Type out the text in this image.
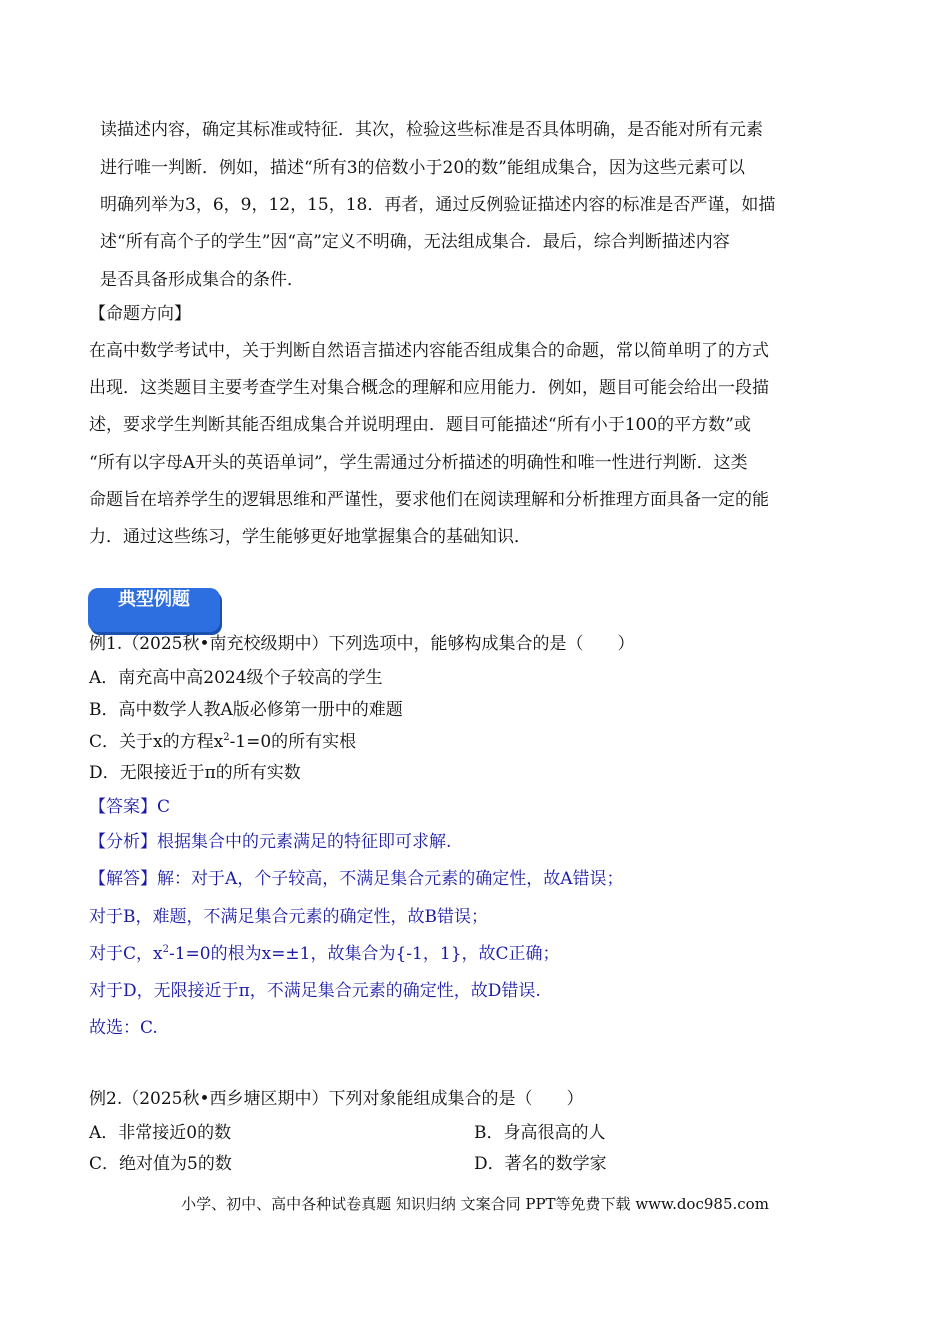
读描述内容，确定其标准或特征．其次，检验这些标准是否具体明确，是否能对所有元素
进行唯一判断．例如，描述“所有3的倍数小于20的数”能组成集合，因为这些元素可以
明确列举为3，6，9，12，15，18．再者，通过反例验证描述内容的标准是否严谨，如描
述“所有高个子的学生”因“高”定义不明确，无法组成集合．最后，综合判断描述内容
是否具备形成集合的条件．
【命题方向】
在高中数学考试中，关于判断自然语言描述内容能否组成集合的命题，常以简单明了的方式
出现．这类题目主要考查学生对集合概念的理解和应用能力．例如，题目可能会给出一段描
述，要求学生判断其能否组成集合并说明理由．题目可能描述“所有小于100的平方数”或
“所有以字母A开头的英语单词”，学生需通过分析描述的明确性和唯一性进行判断．这类
命题旨在培养学生的逻辑思维和严谨性，要求他们在阅读理解和分析推理方面具备一定的能
力．通过这些练习，学生能够更好地掌握集合的基础知识．
典型例题
例1.（2025秋•南充校级期中）下列选项中，能够构成集合的是（　　）
A．南充高中高2024级个子较高的学生
B．高中数学人教A版必修第一册中的难题
C．关于x的方程$x^2-1=0$的所有实根
D．无限接近于π的所有实数
【答案】C
【分析】根据集合中的元素满足的特征即可求解.
【解答】解：对于A，个子较高，不满足集合元素的确定性，故A错误；
对于B，难题，不满足集合元素的确定性，故B错误；
对于C，$x^2-1=0$的根为x=±1，故集合为{-1，1}，故C正确；
对于D，无限接近于π，不满足集合元素的确定性，故D错误.
故选：C.
例2.（2025秋•西乡塘区期中）下列对象能组成集合的是（　　）
A．非常接近0的数	B．身高很高的人
C．绝对值为5的数	D．著名的数学家
小学、初中、高中各种试卷真题 知识归纳 文案合同 PPT等免费下载 www.doc985.com
